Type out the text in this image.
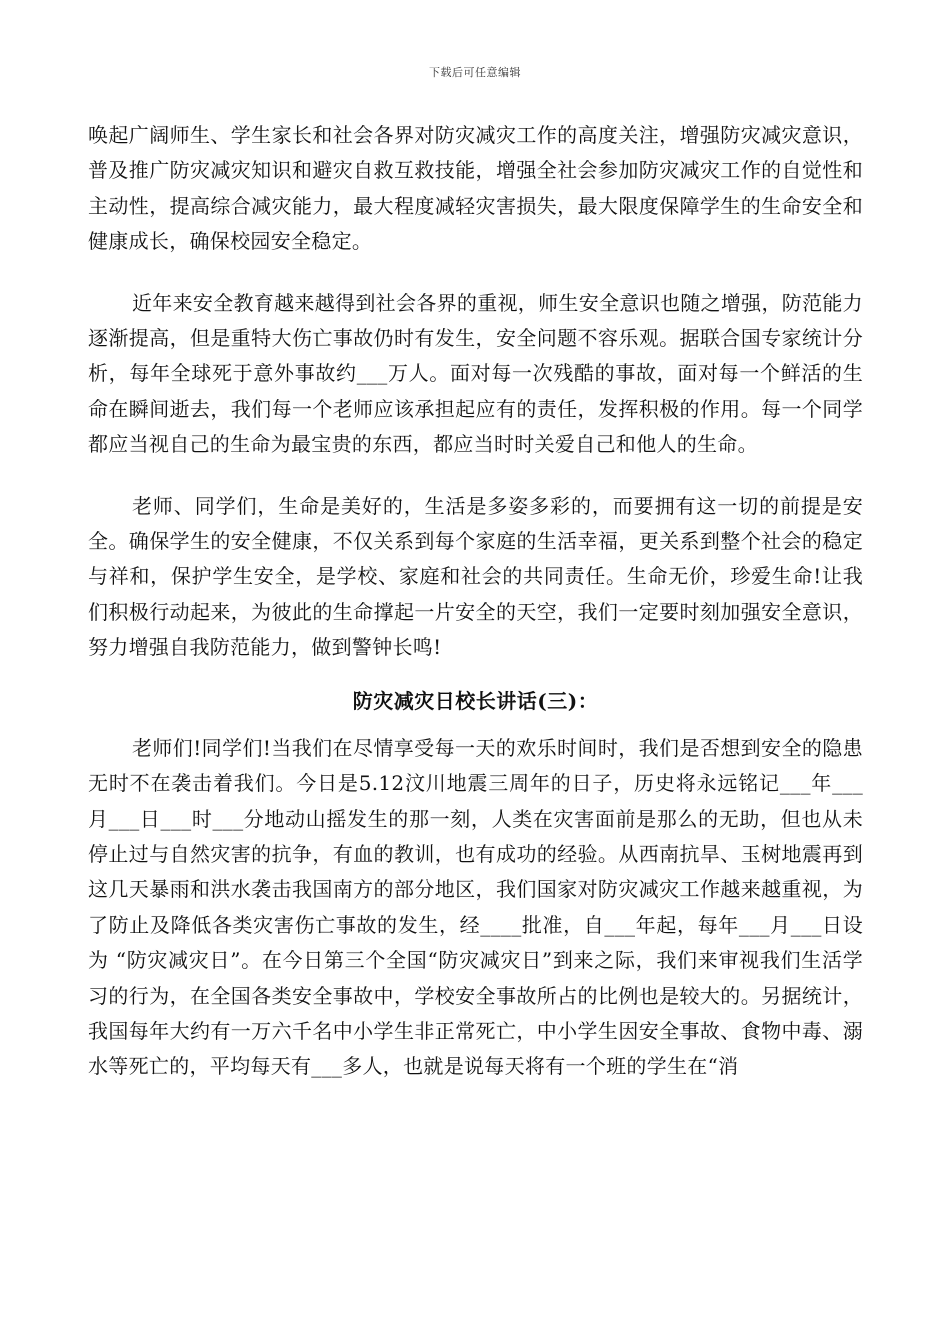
下载后可任意编辑

唤起广阔师生、学生家长和社会各界对防灾减灾工作的高度关注，增强防灾减灾意识，普及推广防灾减灾知识和避灾自救互救技能，增强全社会参加防灾减灾工作的自觉性和主动性，提高综合减灾能力，最大程度减轻灾害损失，最大限度保障学生的生命安全和健康成长，确保校园安全稳定。

近年来安全教育越来越得到社会各界的重视，师生安全意识也随之增强，防范能力逐渐提高，但是重特大伤亡事故仍时有发生，安全问题不容乐观。据联合国专家统计分析，每年全球死于意外事故约___万人。面对每一次残酷的事故，面对每一个鲜活的生命在瞬间逝去，我们每一个老师应该承担起应有的责任，发挥积极的作用。每一个同学都应当视自己的生命为最宝贵的东西，都应当时时关爱自己和他人的生命。

老师、同学们，生命是美好的，生活是多姿多彩的，而要拥有这一切的前提是安全。确保学生的安全健康，不仅关系到每个家庭的生活幸福，更关系到整个社会的稳定与祥和，保护学生安全，是学校、家庭和社会的共同责任。生命无价，珍爱生命!让我们积极行动起来，为彼此的生命撑起一片安全的天空，我们一定要时刻加强安全意识，努力增强自我防范能力，做到警钟长鸣!

防灾减灾日校长讲话(三)：

老师们!同学们!当我们在尽情享受每一天的欢乐时间时，我们是否想到安全的隐患无时不在袭击着我们。今日是5.12汶川地震三周年的日子，历史将永远铭记___年___月___日___时___分地动山摇发生的那一刻，人类在灾害面前是那么的无助，但也从未停止过与自然灾害的抗争，有血的教训，也有成功的经验。从西南抗旱、玉树地震再到这几天暴雨和洪水袭击我国南方的部分地区，我们国家对防灾减灾工作越来越重视，为了防止及降低各类灾害伤亡事故的发生，经____批准，自___年起，每年___月___日设为 “防灾减灾日”。在今日第三个全国“防灾减灾日”到来之际，我们来审视我们生活学习的行为，在全国各类安全事故中，学校安全事故所占的比例也是较大的。另据统计，我国每年大约有一万六千名中小学生非正常死亡，中小学生因安全事故、食物中毒、溺水等死亡的，平均每天有___多人，也就是说每天将有一个班的学生在“消
